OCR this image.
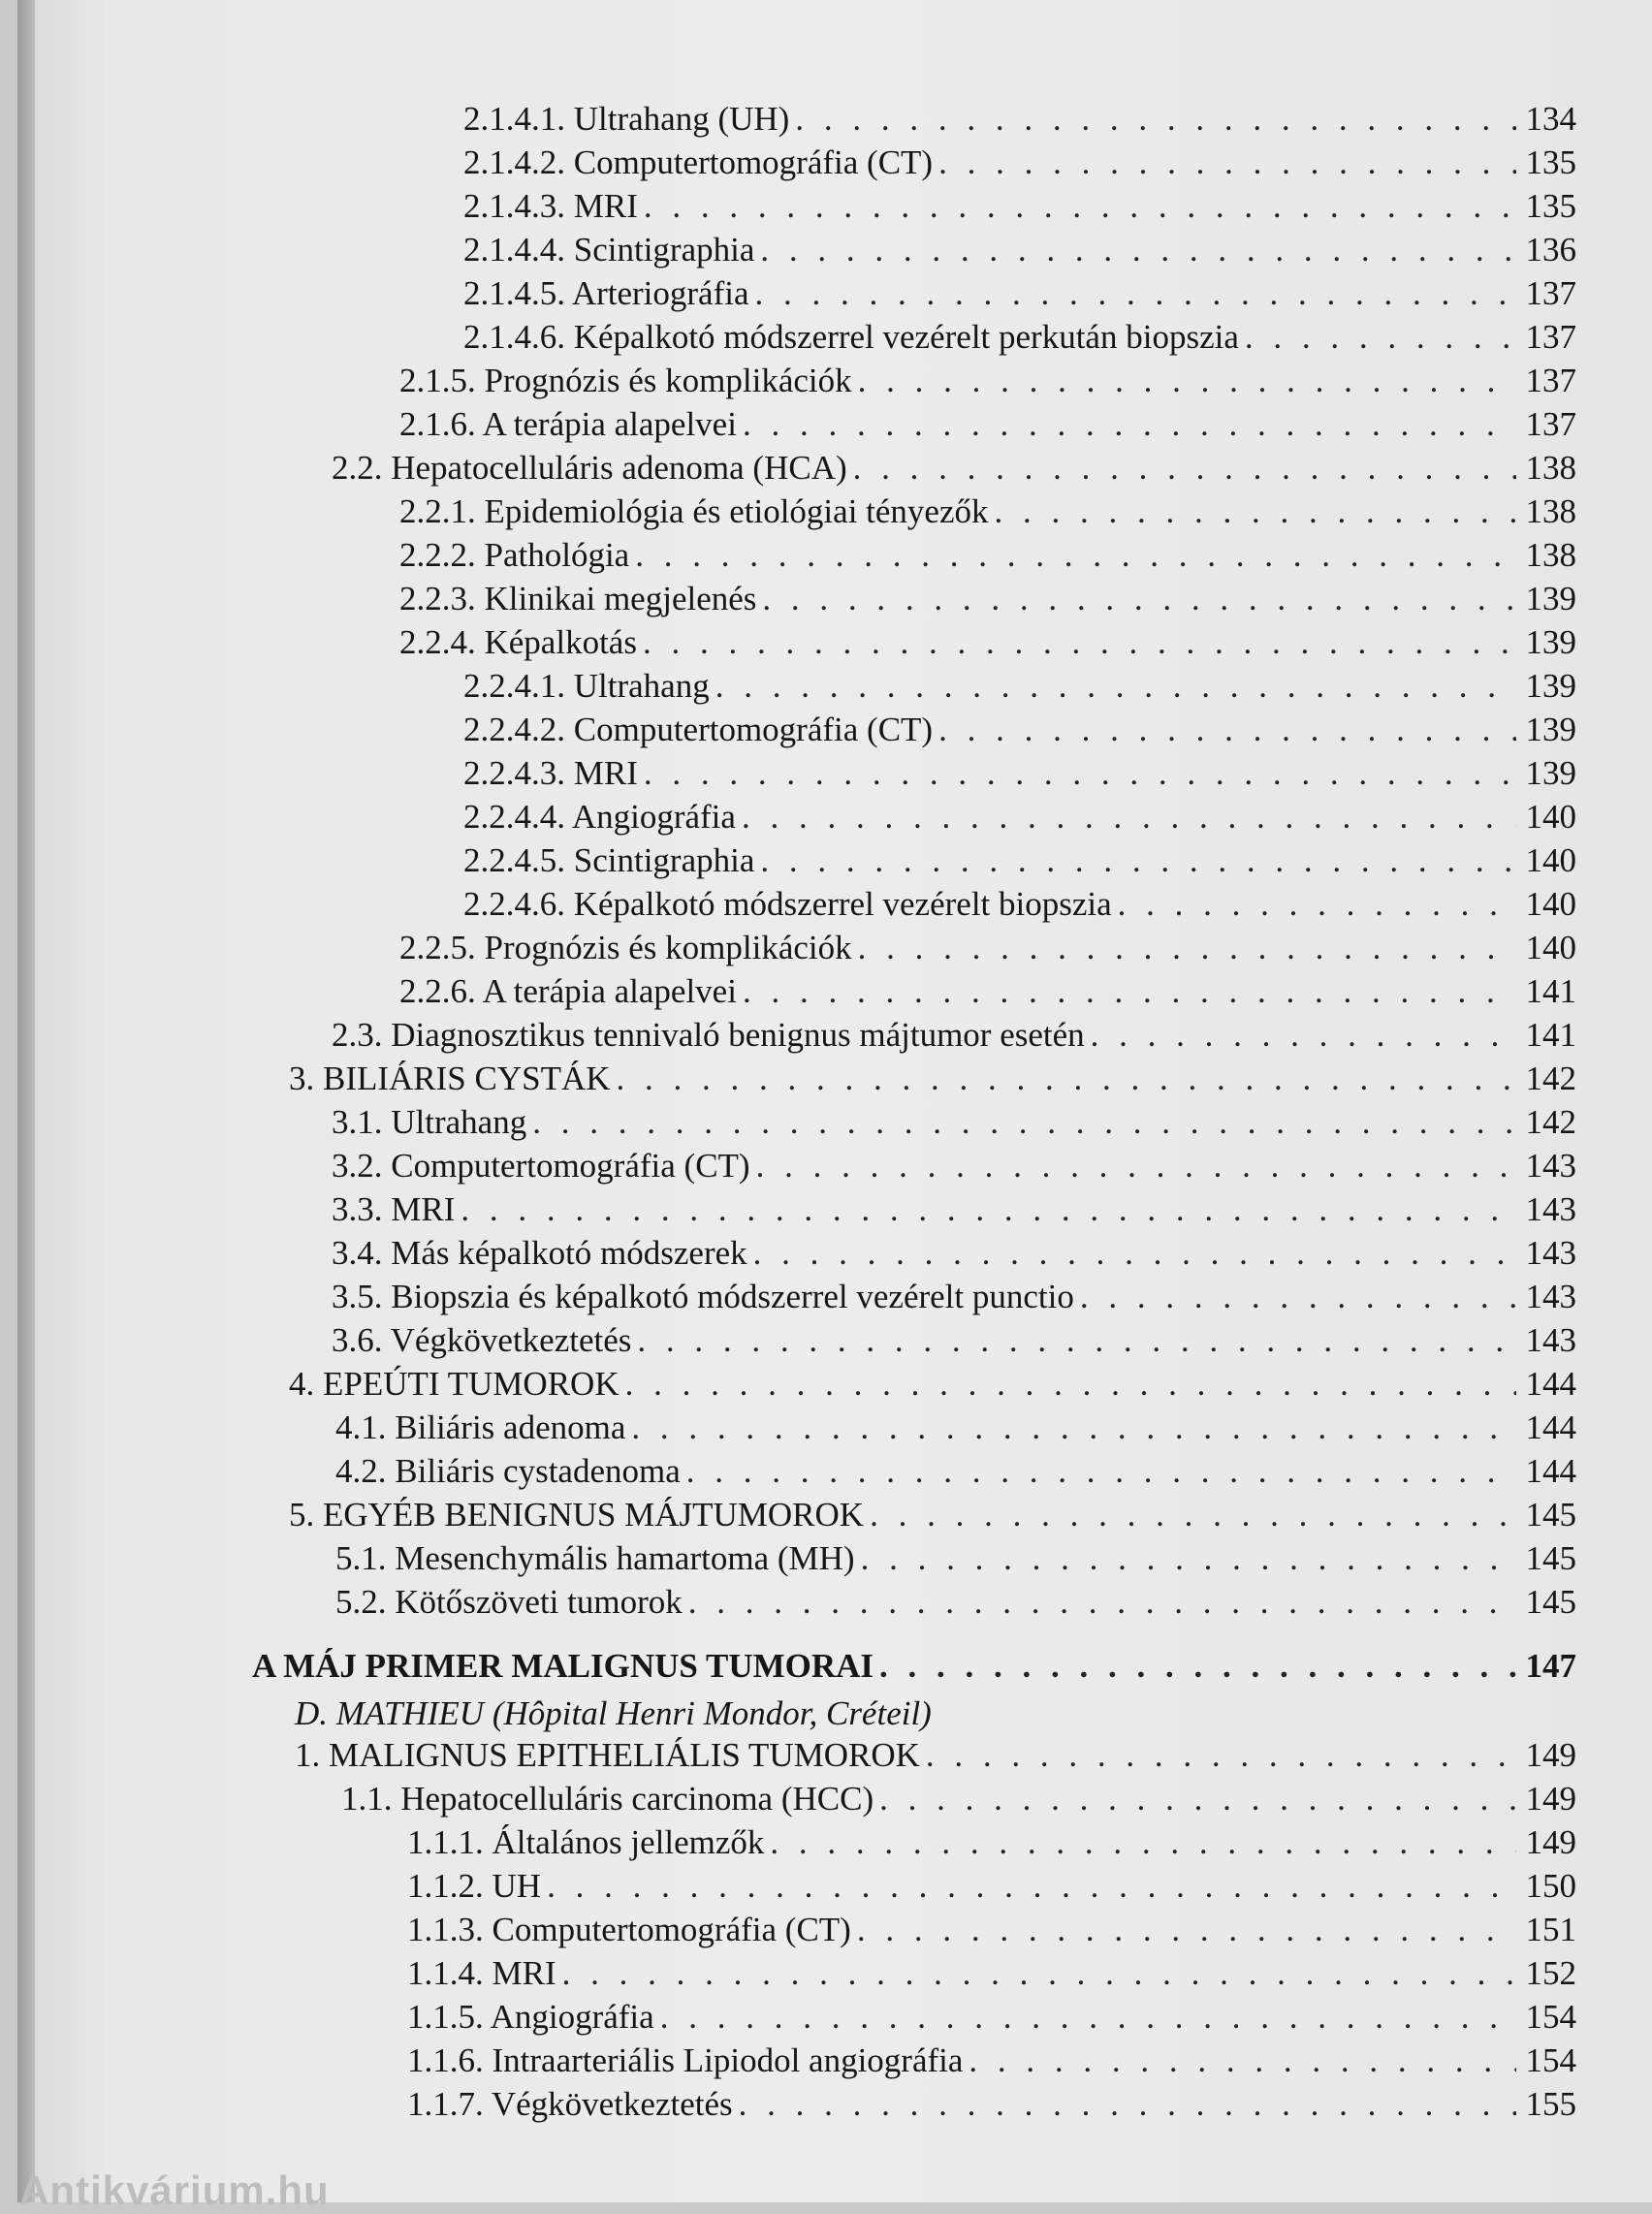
2.1.4.1. Ultrahang (UH) . . .	134
2.1.4.2. Computertomográfia (CT) . . .	135
2.1.4.3. MRI . . .	135
2.1.4.4. Scintigraphia . . .	136
2.1.4.5. Arteriográfia . . .	137
2.1.4.6. Képalkotó módszerrel vezérelt perkután biopszia . . .	137
2.1.5. Prognózis és komplikációk . . .	137
2.1.6. A terápia alapelvei . . .	137
2.2. Hepatocelluláris adenoma (HCA) . . .	138
2.2.1. Epidemiológia és etiológiai tényezők . . .	138
2.2.2. Pathológia . . .	138
2.2.3. Klinikai megjelenés . . .	139
2.2.4. Képalkotás . . .	139
2.2.4.1. Ultrahang . . .	139
2.2.4.2. Computertomográfia (CT) . . .	139
2.2.4.3. MRI . . .	139
2.2.4.4. Angiográfia . . .	140
2.2.4.5. Scintigraphia . . .	140
2.2.4.6. Képalkotó módszerrel vezérelt biopszia . . .	140
2.2.5. Prognózis és komplikációk . . .	140
2.2.6. A terápia alapelvei . . .	141
2.3. Diagnosztikus tennivaló benignus májtumor esetén . . .	141
3. BILIÁRIS CYSTÁK . . .	142
3.1. Ultrahang . . .	142
3.2. Computertomográfia (CT) . . .	143
3.3. MRI . . .	143
3.4. Más képalkotó módszerek . . .	143
3.5. Biopszia és képalkotó módszerrel vezérelt punctio . . .	143
3.6. Végkövetkeztetés . . .	143
4. EPEÚTI TUMOROK . . .	144
4.1. Biliáris adenoma . . .	144
4.2. Biliáris cystadenoma . . .	144
5. EGYÉB BENIGNUS MÁJTUMOROK . . .	145
5.1. Mesenchymális hamartoma (MH) . . .	145
5.2. Kötőszöveti tumorok . . .	145
A MÁJ PRIMER MALIGNUS TUMORAI . . .	147
D. MATHIEU (Hôpital Henri Mondor, Créteil)
1. MALIGNUS EPITHELIÁLIS TUMOROK . . .	149
1.1. Hepatocelluláris carcinoma (HCC) . . .	149
1.1.1. Általános jellemzők . . .	149
1.1.2. UH . . .	150
1.1.3. Computertomográfia (CT) . . .	151
1.1.4. MRI . . .	152
1.1.5. Angiográfia . . .	154
1.1.6. Intraarteriális Lipiodol angiográfia . . .	154
1.1.7. Végkövetkeztetés . . .	155
Antikvárium.hu
